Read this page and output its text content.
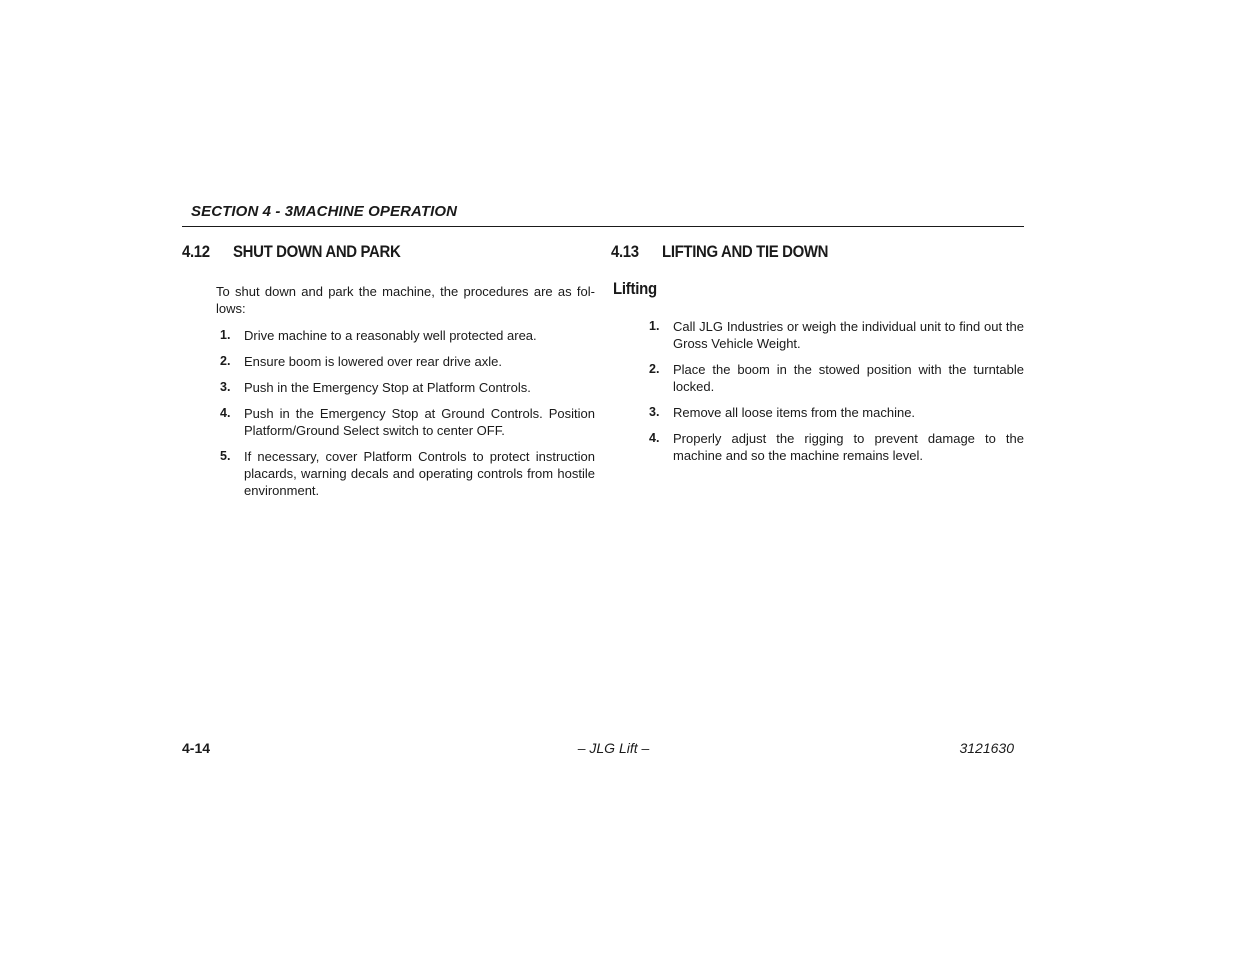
SECTION 4 - 3MACHINE OPERATION
4.12 SHUT DOWN AND PARK

To shut down and park the machine, the procedures are as fol-lows:

1. Drive machine to a reasonably well protected area.
2. Ensure boom is lowered over rear drive axle.
3. Push in the Emergency Stop at Platform Controls.
4. Push in the Emergency Stop at Ground Controls. Position Platform/Ground Select switch to center OFF.
5. If necessary, cover Platform Controls to protect instruction placards, warning decals and operating controls from hostile environment.
4.13 LIFTING AND TIE DOWN
Lifting
1. Call JLG Industries or weigh the individual unit to find out the Gross Vehicle Weight.
2. Place the boom in the stowed position with the turntable locked.
3. Remove all loose items from the machine.
4. Properly adjust the rigging to prevent damage to the machine and so the machine remains level.
4-14	– JLG Lift –	3121630
